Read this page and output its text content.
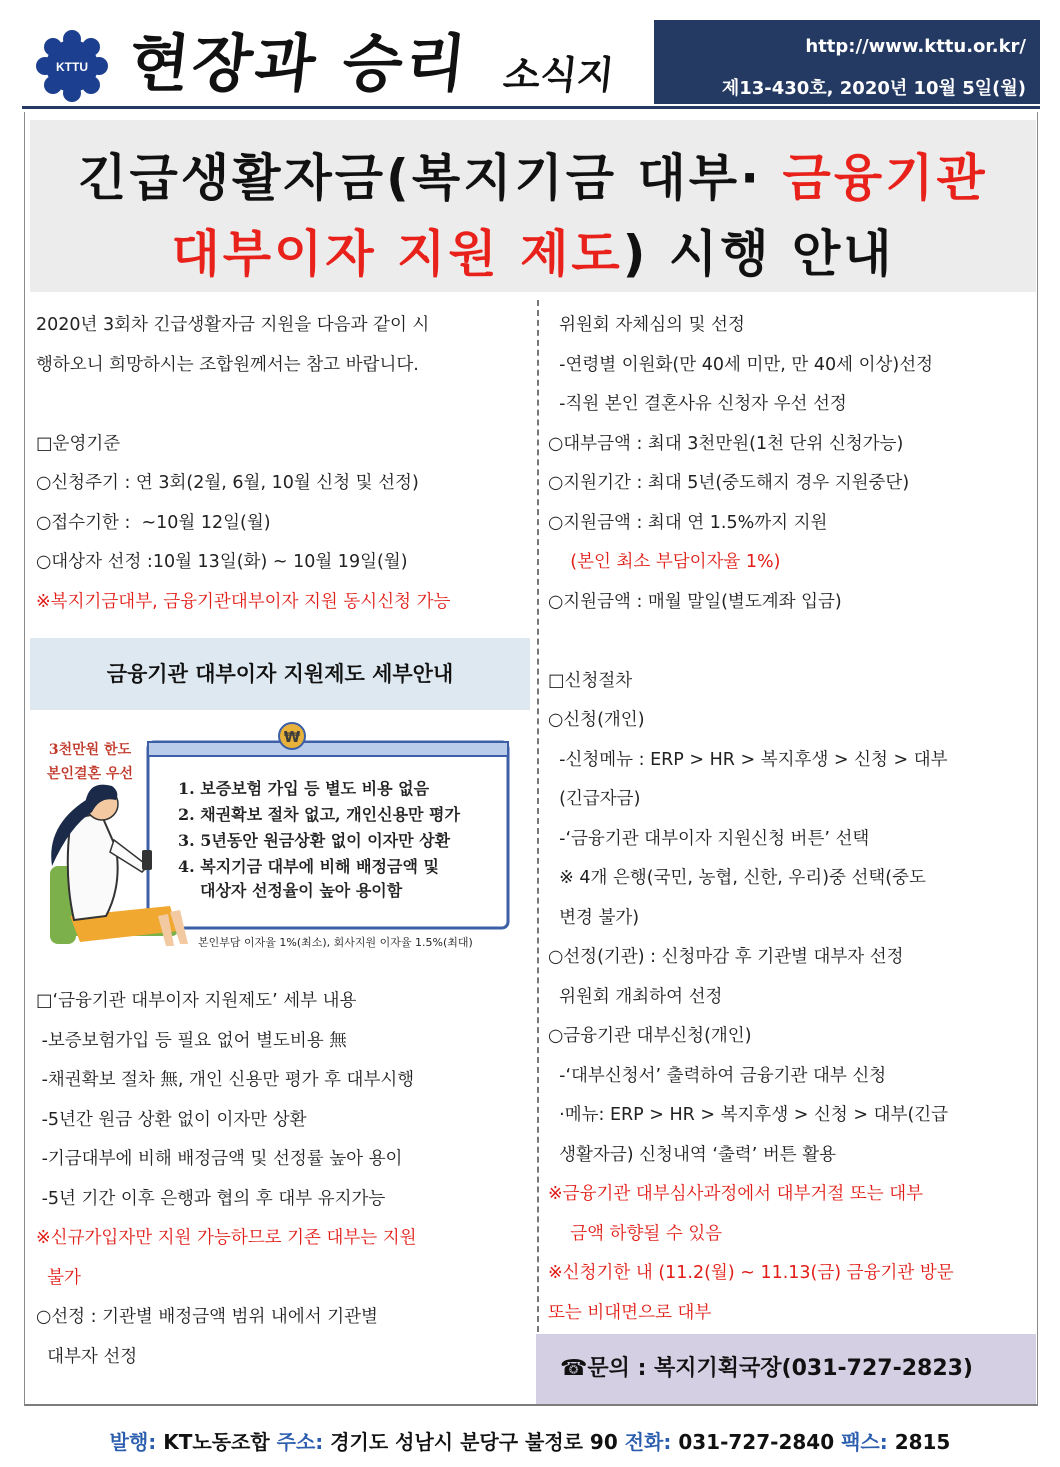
KTTU 현장과 승리 소식지
http://www.kttu.or.kr/
제13-430호, 2020년 10월 5일(월)
긴급생활자금(복지기금 대부· 금융기관
대부이자 지원 제도) 시행 안내
2020년 3회차 긴급생활자금 지원을 다음과 같이 시
행하오니 희망하시는 조합원께서는 참고 바랍니다.

□운영기준
○신청주기 : 연 3회(2월, 6월, 10월 신청 및 선정)
○접수기한 :  ~10월 12일(월)
○대상자 선정 :10월 13일(화) ~ 10월 19일(월)
※복지기금대부, 금융기관대부이자 지원 동시신청 가능
금융기관 대부이자 지원제도 세부안내
3천만원 한도
본인결혼 우선
₩
1. 보증보험 가입 등 별도 비용 없음
2. 채권확보 절차 없고, 개인신용만 평가
3. 5년동안 원금상환 없이 이자만 상환
4. 복지기금 대부에 비해 배정금액 및
대상자 선정율이 높아 용이함
본인부담 이자율 1%(최소), 회사지원 이자율 1.5%(최대)
□‘금융기관 대부이자 지원제도’ 세부 내용
-보증보험가입 등 필요 없어 별도비용 無
-채권확보 절차 無, 개인 신용만 평가 후 대부시행
-5년간 원금 상환 없이 이자만 상환
-기금대부에 비해 배정금액 및 선정률 높아 용이
-5년 기간 이후 은행과 협의 후 대부 유지가능
※신규가입자만 지원 가능하므로 기존 대부는 지원
불가
○선정 : 기관별 배정금액 범위 내에서 기관별
대부자 선정
위원회 자체심의 및 선정
-연령별 이원화(만 40세 미만, 만 40세 이상)선정
-직원 본인 결혼사유 신청자 우선 선정
○대부금액 : 최대 3천만원(1천 단위 신청가능)
○지원기간 : 최대 5년(중도해지 경우 지원중단)
○지원금액 : 최대 연 1.5%까지 지원
(본인 최소 부담이자율 1%)
○지원금액 : 매월 말일(별도계좌 입금)

□신청절차
○신청(개인)
-신청메뉴 : ERP > HR > 복지후생 > 신청 > 대부
(긴급자금)
-‘금융기관 대부이자 지원신청 버튼’ 선택
※ 4개 은행(국민, 농협, 신한, 우리)중 선택(중도
변경 불가)
○선정(기관) : 신청마감 후 기관별 대부자 선정
위원회 개최하여 선정
○금융기관 대부신청(개인)
-‘대부신청서’ 출력하여 금융기관 대부 신청
·메뉴: ERP > HR > 복지후생 > 신청 > 대부(긴급
생활자금) 신청내역 ‘출력’ 버튼 활용
※금융기관 대부심사과정에서 대부거절 또는 대부
금액 하향될 수 있음
※신청기한 내 (11.2(월) ~ 11.13(금) 금융기관 방문
또는 비대면으로 대부
☎문의 : 복지기획국장(031-727-2823)
발행: KT노동조합 주소: 경기도 성남시 분당구 불정로 90 전화: 031-727-2840 팩스: 2815
